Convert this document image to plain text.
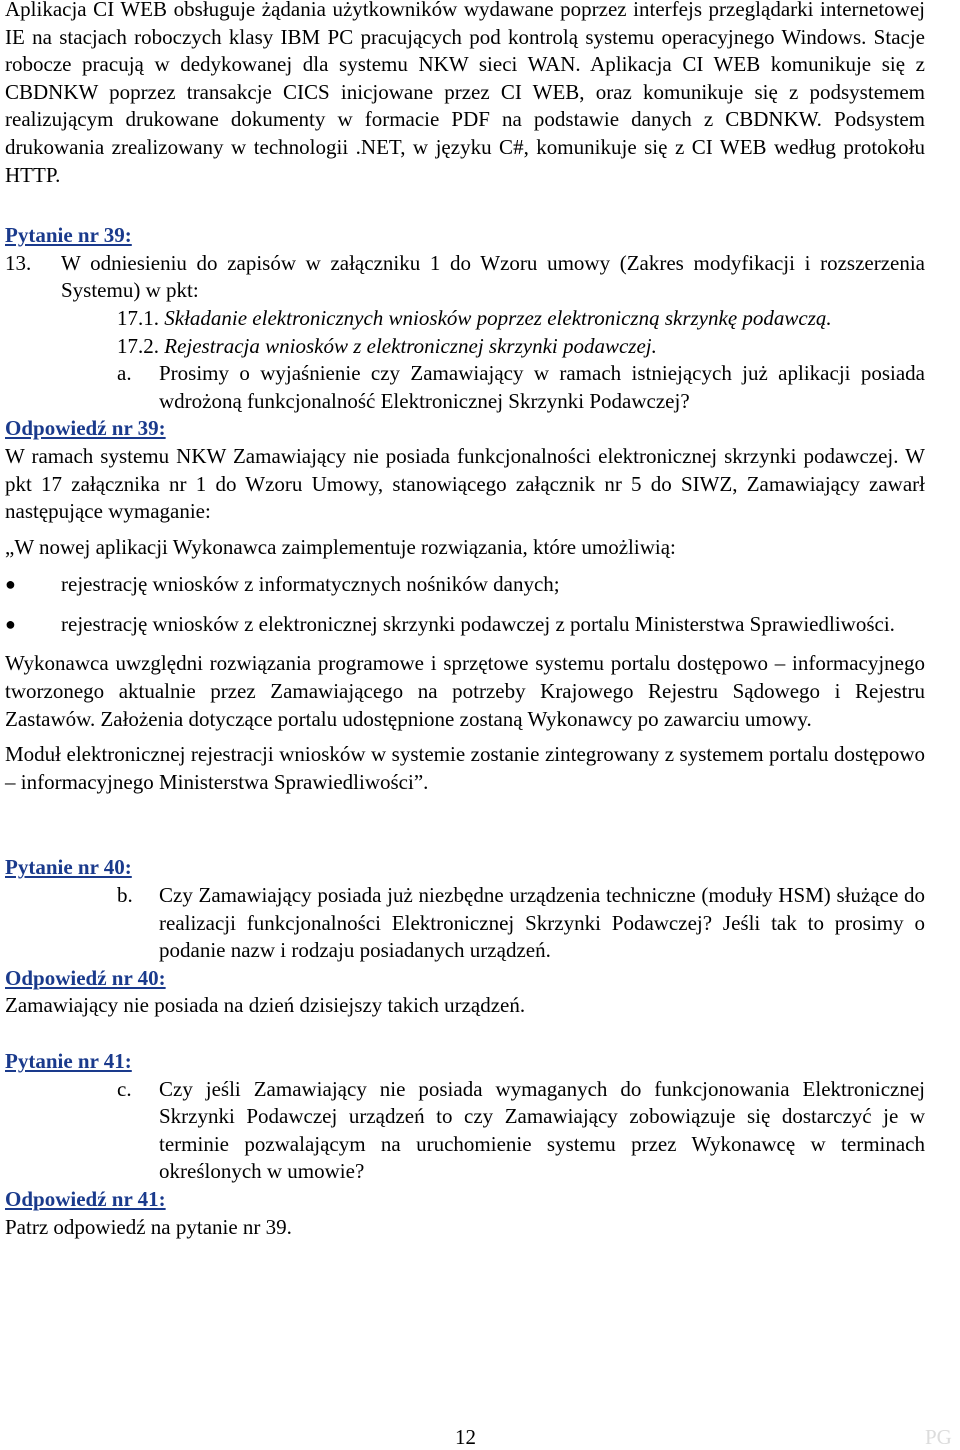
Aplikacja CI WEB obsługuje żądania użytkowników wydawane poprzez interfejs przeglądarki internetowej IE na stacjach roboczych klasy IBM PC pracujących pod kontrolą systemu operacyjnego Windows. Stacje robocze pracują w dedykowanej dla systemu NKW sieci WAN. Aplikacja CI WEB komunikuje się z CBDNKW poprzez transakcje CICS inicjowane przez CI WEB, oraz komunikuje się z podsystemem realizującym drukowane dokumenty w formacie PDF na podstawie danych z CBDNKW. Podsystem drukowania zrealizowany w technologii .NET, w języku C#, komunikuje się z CI WEB według protokołu HTTP.

Pytanie nr 39:

13.	W odniesieniu do zapisów w załączniku 1 do Wzoru umowy (Zakres modyfikacji i rozszerzenia Systemu) w pkt:

17.1. Składanie elektronicznych wniosków poprzez elektroniczną skrzynkę podawczą.

17.2. Rejestracja wniosków z elektronicznej skrzynki podawczej.

a.	Prosimy o wyjaśnienie czy Zamawiający w ramach istniejących już aplikacji posiada wdrożoną funkcjonalność Elektronicznej Skrzynki Podawczej?

Odpowiedź nr 39:

W ramach systemu NKW Zamawiający nie posiada funkcjonalności elektronicznej skrzynki podawczej. W pkt 17 załącznika nr 1 do Wzoru Umowy, stanowiącego załącznik nr 5 do SIWZ, Zamawiający zawarł następujące wymaganie:

„W nowej aplikacji Wykonawca zaimplementuje rozwiązania, które umożliwią:

●	rejestrację wniosków z informatycznych nośników danych;
●	rejestrację wniosków z elektronicznej skrzynki podawczej z portalu Ministerstwa Sprawiedliwości.

Wykonawca uwzględni rozwiązania programowe i sprzętowe systemu portalu dostępowo – informacyjnego tworzonego aktualnie przez Zamawiającego na potrzeby Krajowego Rejestru Sądowego i Rejestru Zastawów. Założenia dotyczące portalu udostępnione zostaną Wykonawcy po zawarciu umowy.

Moduł elektronicznej rejestracji wniosków w systemie zostanie zintegrowany z systemem portalu dostępowo – informacyjnego Ministerstwa Sprawiedliwości”.

Pytanie nr 40:

b.	Czy Zamawiający posiada już niezbędne urządzenia techniczne (moduły HSM) służące do realizacji funkcjonalności Elektronicznej Skrzynki Podawczej? Jeśli tak to prosimy o podanie nazw i rodzaju posiadanych urządzeń.

Odpowiedź nr 40:

Zamawiający nie posiada na dzień dzisiejszy takich urządzeń.

Pytanie nr 41:

c.	Czy jeśli Zamawiający nie posiada wymaganych do funkcjonowania Elektronicznej Skrzynki Podawczej urządzeń to czy Zamawiający zobowiązuje się dostarczyć je w terminie pozwalającym na uruchomienie systemu przez Wykonawcę w terminach określonych w umowie?

Odpowiedź nr 41:

Patrz odpowiedź na pytanie nr 39.

12	PG
